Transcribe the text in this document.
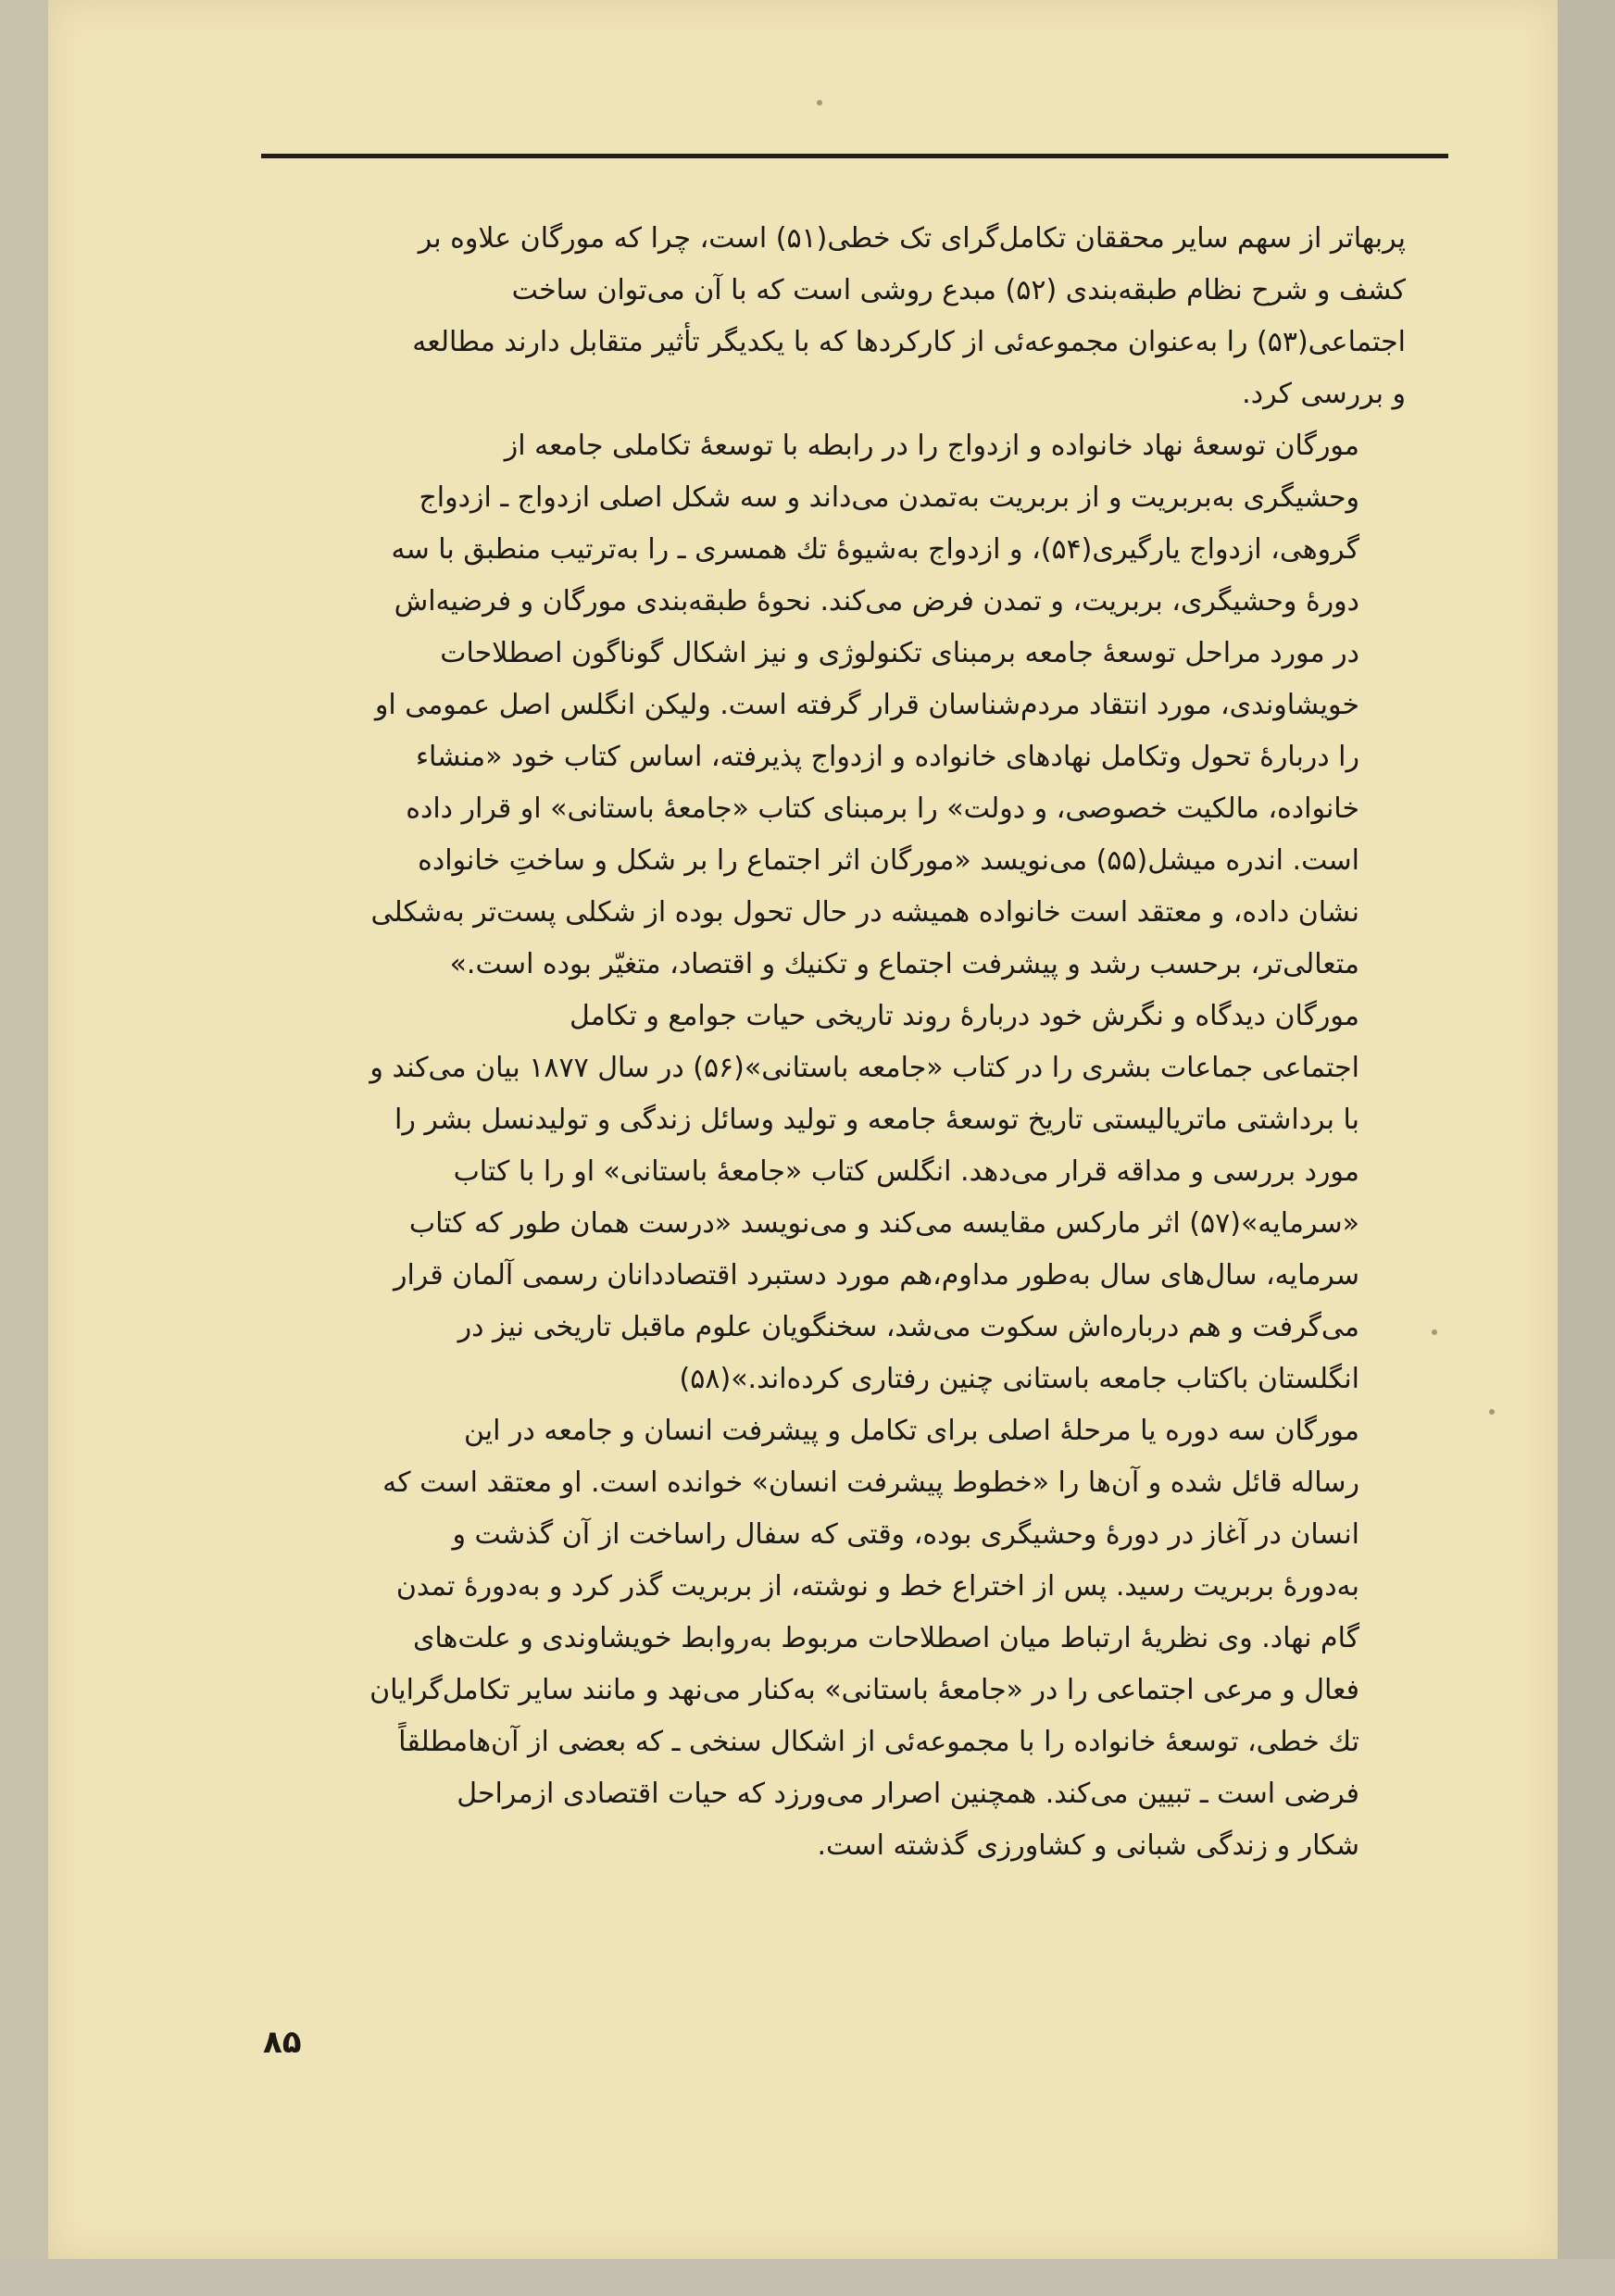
پربهاتر از سهم سایر محققان تکامل‌گرای تک خطی(۵۱) است، چرا که مورگان علاوه بر
کشف و شرح نظام طبقه‌بندی (۵۲) مبدع روشی است که با آن می‌توان ساخت
اجتماعی(۵۳) را به‌عنوان مجموعه‌ئی از کارکردها که با یکدیگر تأثیر متقابل دارند مطالعه
و بررسی کرد.

مورگان توسعهٔ نهاد خانواده و ازدواج را در رابطه با توسعهٔ تکاملی جامعه از
وحشیگری به‌بربریت و از بربریت به‌تمدن می‌داند و سه شکل اصلی ازدواج ـ ازدواج
گروهی، ازدواج یارگیری(۵۴)، و ازدواج به‌شیوهٔ تك همسری ـ را به‌ترتیب منطبق با سه
دورهٔ وحشیگری، بربریت، و تمدن فرض می‌کند. نحوهٔ طبقه‌بندی مورگان و فرضیه‌اش
در مورد مراحل توسعهٔ جامعه برمبنای تکنولوژی و نیز اشکال گوناگون اصطلاحات
خویشاوندی، مورد انتقاد مردم‌شناسان قرار گرفته است. ولیکن انگلس اصل عمومی او
را دربارهٔ تحول وتکامل نهادهای خانواده و ازدواج پذیرفته، اساس کتاب خود «منشاء
خانواده، مالکیت خصوصی، و دولت» را برمبنای کتاب «جامعهٔ باستانی» او قرار داده
است. اندره میشل(۵۵) می‌نویسد «مورگان اثر اجتماع را بر شکل و ساختِ خانواده
نشان داده، و معتقد است خانواده همیشه در حال تحول بوده از شکلی پست‌تر به‌شکلی
متعالی‌تر، برحسب رشد و پیشرفت اجتماع و تکنیك و اقتصاد، متغیّر بوده است.»

مورگان دیدگاه و نگرش خود دربارهٔ روند تاریخی حیات جوامع و تکامل
اجتماعی جماعات بشری را در کتاب «جامعه باستانی»(۵۶) در سال ۱۸۷۷ بیان می‌کند و
با برداشتی ماتریالیستی تاریخ توسعهٔ جامعه و تولید وسائل زندگی و تولیدنسل بشر را
مورد بررسی و مداقه قرار می‌دهد. انگلس کتاب «جامعهٔ باستانی» او را با کتاب
«سرمایه»(۵۷) اثر مارکس مقایسه می‌کند و می‌نویسد «درست همان طور که کتاب
سرمایه، سال‌های سال به‌طور مداوم،هم مورد دستبرد اقتصاددانان رسمی آلمان قرار
می‌گرفت و هم درباره‌اش سکوت می‌شد، سخنگویان علوم ماقبل تاریخی نیز در
انگلستان باکتاب جامعه باستانی چنین رفتاری کرده‌اند.»(۵۸)

مورگان سه دوره یا مرحلهٔ اصلی برای تکامل و پیشرفت انسان و جامعه در این
رساله قائل شده و آن‌ها را «خطوط پیشرفت انسان» خوانده است. او معتقد است که
انسان در آغاز در دورهٔ وحشیگری بوده، وقتی که سفال راساخت از آن گذشت و
به‌دورهٔ بربریت رسید. پس از اختراع خط و نوشته، از بربریت گذر کرد و به‌دورهٔ تمدن
گام نهاد. وی نظریهٔ ارتباط میان اصطلاحات مربوط به‌روابط خویشاوندی و علت‌های
فعال و مرعی اجتماعی را در «جامعهٔ باستانی» به‌کنار می‌نهد و مانند سایر تکامل‌گرایان
تك خطی، توسعهٔ خانواده را با مجموعه‌ئی از اشکال سنخی ـ که بعضی از آن‌هامطلقاً
فرضی است ـ تبیین می‌کند. همچنین اصرار می‌ورزد که حیات اقتصادی ازمراحل
شکار و زندگی شبانی و کشاورزی گذشته است.

۸۵
